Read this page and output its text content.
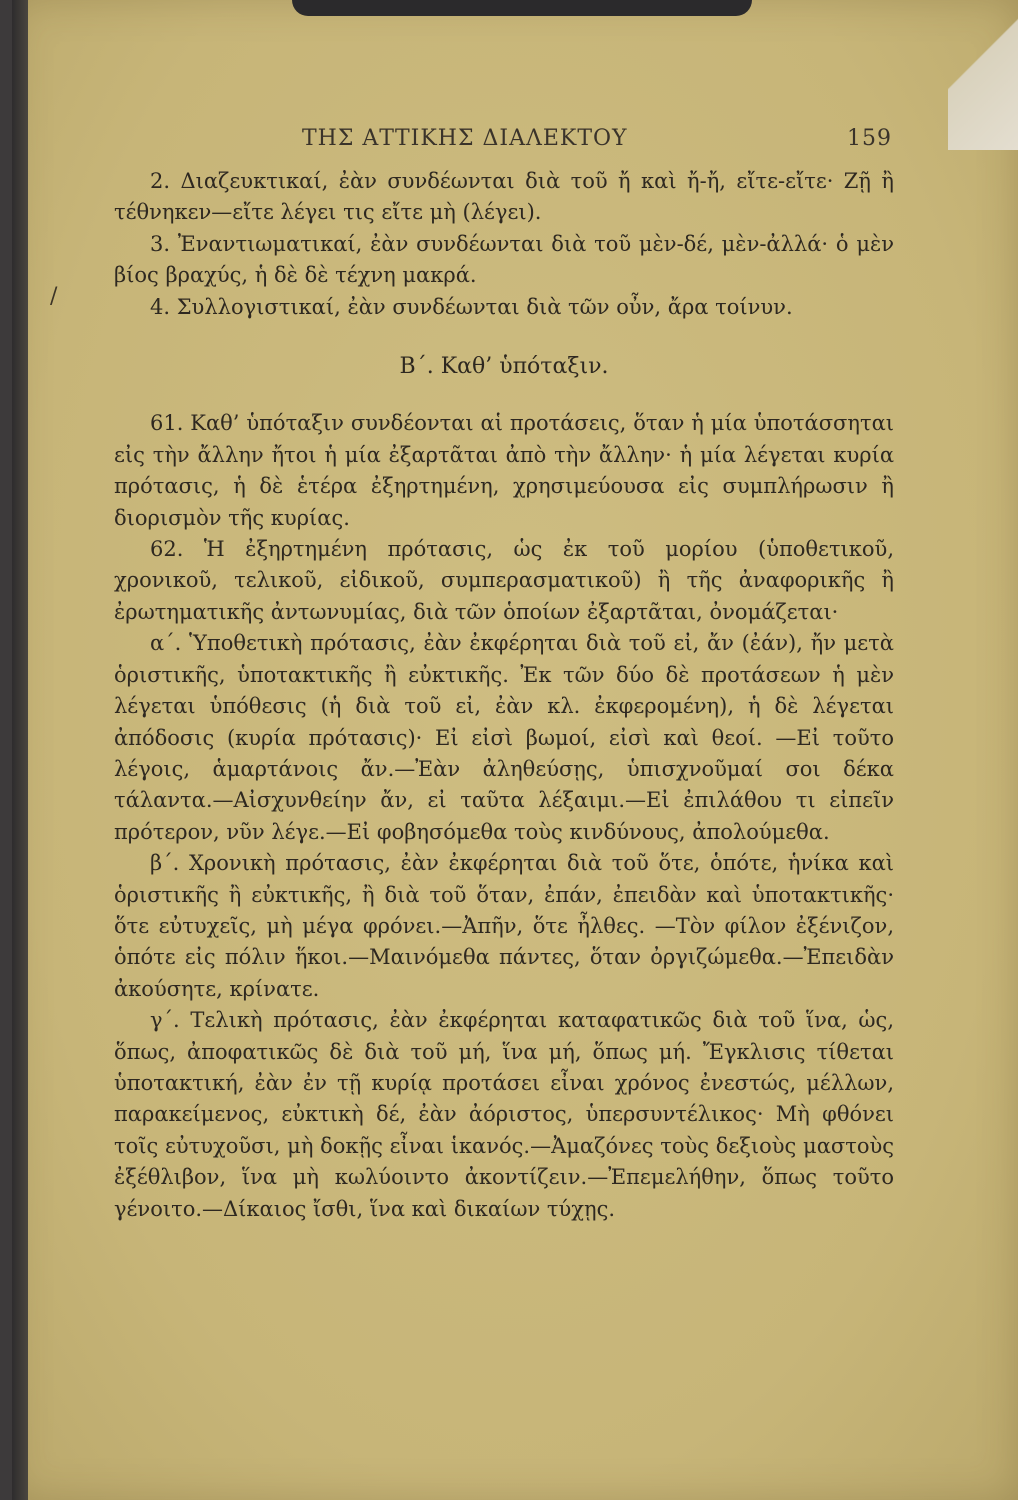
ΤΗΣ ΑΤΤΙΚΗΣ ΔΙΑΛΕΚΤΟΥ	159
/

2. Διαζευκτικαί, ἐὰν συνδέωνται διὰ τοῦ ἤ καὶ ἤ-ἤ, εἴτε-εἴτε· Ζῇ ἢ τέθνηκεν—εἴτε λέγει τις εἴτε μὴ (λέγει).

3. Ἐναντιωματικαί, ἐὰν συνδέωνται διὰ τοῦ μὲν-δέ, μὲν-ἀλλά· ὁ μὲν βίος βραχύς, ἡ δὲ δὲ τέχνη μακρά.

4. Συλλογιστικαί, ἐὰν συνδέωνται διὰ τῶν οὖν, ἄρα τοίνυν.

Β΄. Καθ’ ὑπόταξιν.

61. Καθ’ ὑπόταξιν συνδέονται αἱ προτάσεις, ὅταν ἡ μία ὑποτάσσηται εἰς τὴν ἄλλην ἤτοι ἡ μία ἐξαρτᾶται ἀπὸ τὴν ἄλλην· ἡ μία λέγεται κυρία πρότασις, ἡ δὲ ἑτέρα ἐξηρτημένη, χρησιμεύουσα εἰς συμπλήρωσιν ἢ διορισμὸν τῆς κυρίας.

62. Ἡ ἐξηρτημένη πρότασις, ὡς ἐκ τοῦ μορίου (ὑποθετικοῦ, χρονικοῦ, τελικοῦ, εἰδικοῦ, συμπερασματικοῦ) ἢ τῆς ἀναφορικῆς ἢ ἐρωτηματικῆς ἀντωνυμίας, διὰ τῶν ὁποίων ἐξαρτᾶται, ὀνομάζεται·

α΄. Ὑποθετικὴ πρότασις, ἐὰν ἐκφέρηται διὰ τοῦ εἰ, ἄν (ἐάν), ἤν μετὰ ὁριστικῆς, ὑποτακτικῆς ἢ εὐκτικῆς. Ἐκ τῶν δύο δὲ προτάσεων ἡ μὲν λέγεται ὑπόθεσις (ἡ διὰ τοῦ εἰ, ἐὰν κλ. ἐκφερομένη), ἡ δὲ λέγεται ἀπόδοσις (κυρία πρότασις)· Εἰ εἰσὶ βωμοί, εἰσὶ καὶ θεοί. —Εἰ τοῦτο λέγοις, ἁμαρτάνοις ἄν.—Ἐὰν ἀληθεύσῃς, ὑπισχνοῦμαί σοι δέκα τάλαντα.—Αἰσχυνθείην ἄν, εἰ ταῦτα λέξαιμι.—Εἰ ἐπιλάθου τι εἰπεῖν πρότερον, νῦν λέγε.—Εἰ φοβησόμεθα τοὺς κινδύνους, ἀπολούμεθα.

β΄. Χρονικὴ πρότασις, ἐὰν ἐκφέρηται διὰ τοῦ ὅτε, ὁπότε, ἡνίκα καὶ ὁριστικῆς ἢ εὐκτικῆς, ἢ διὰ τοῦ ὅταν, ἐπάν, ἐπειδὰν καὶ ὑποτακτικῆς· ὅτε εὐτυχεῖς, μὴ μέγα φρόνει.—Ἀπῆν, ὅτε ἦλθες. —Τὸν φίλον ἐξένιζον, ὁπότε εἰς πόλιν ἥκοι.—Μαινόμεθα πάντες, ὅταν ὀργιζώμεθα.—Ἐπειδὰν ἀκούσητε, κρίνατε.

γ΄. Τελικὴ πρότασις, ἐὰν ἐκφέρηται καταφατικῶς διὰ τοῦ ἵνα, ὡς, ὅπως, ἀποφατικῶς δὲ διὰ τοῦ μή, ἵνα μή, ὅπως μή. Ἔγκλισις τίθεται ὑποτακτική, ἐὰν ἐν τῇ κυρίᾳ προτάσει εἶναι χρόνος ἐνεστώς, μέλλων, παρακείμενος, εὐκτικὴ δέ, ἐὰν ἀόριστος, ὑπερσυντέλικος· Μὴ φθόνει τοῖς εὐτυχοῦσι, μὴ δοκῇς εἶναι ἱκανός.—Ἀμαζόνες τοὺς δεξιοὺς μαστοὺς ἐξέθλιβον, ἵνα μὴ κωλύοιντο ἀκοντίζειν.—Ἐπεμελήθην, ὅπως τοῦτο γένοιτο.—Δίκαιος ἴσθι, ἵνα καὶ δικαίων τύχῃς.
